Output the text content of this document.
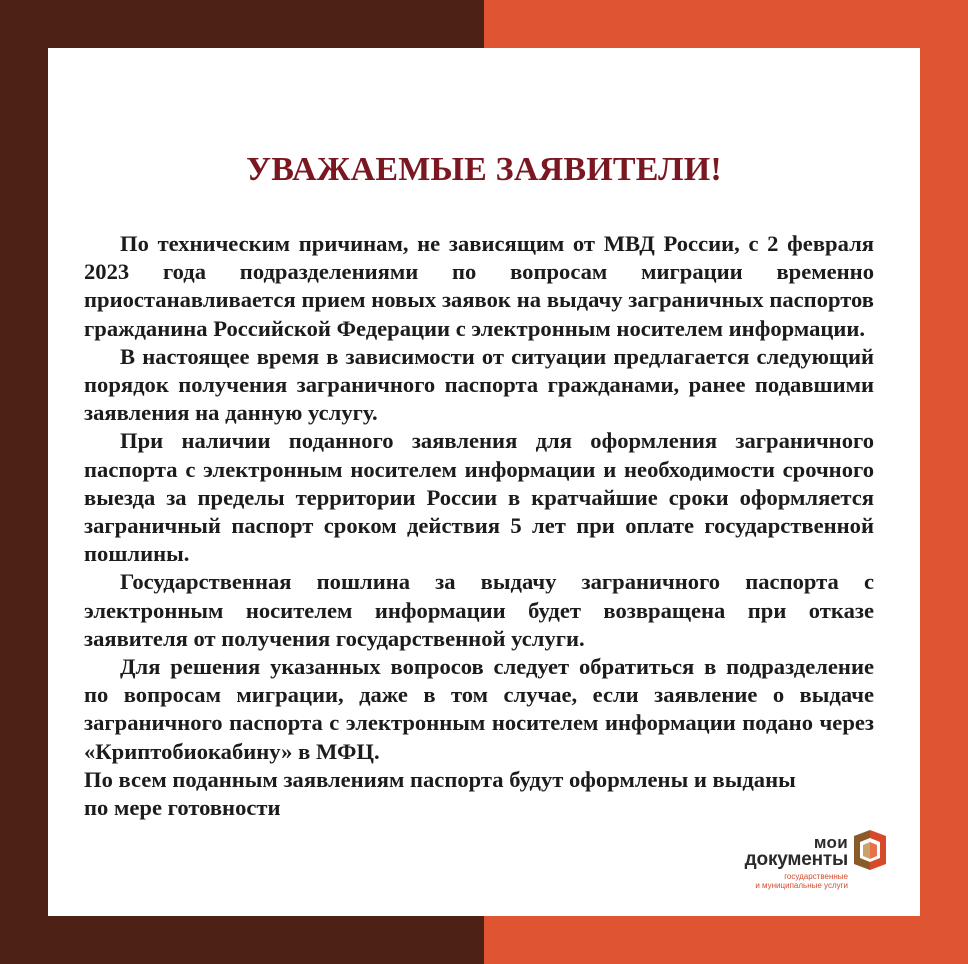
УВАЖАЕМЫЕ ЗАЯВИТЕЛИ!

По техническим причинам, не зависящим от МВД России, с 2 февраля 2023 года подразделениями по вопросам миграции временно приостанавливается прием новых заявок на выдачу заграничных паспортов гражданина Российской Федерации с электронным носителем информации.

В настоящее время в зависимости от ситуации предлагается следующий порядок получения заграничного паспорта гражданами, ранее подавшими заявления на данную услугу.

При наличии поданного заявления для оформления заграничного паспорта с электронным носителем информации и необходимости срочного выезда за пределы территории России в кратчайшие сроки оформляется заграничный паспорт сроком действия 5 лет при оплате государственной пошлины.

Государственная пошлина за выдачу заграничного паспорта с электронным носителем информации будет возвращена при отказе заявителя от получения государственной услуги.

Для решения указанных вопросов следует обратиться в подразделение по вопросам миграции, даже в том случае, если заявление о выдаче заграничного паспорта с электронным носителем информации подано через «Криптобиокабину» в МФЦ.

По всем поданным заявлениям паспорта будут оформлены и выданы по мере готовности

мои
документы
государственные
и муниципальные услуги
